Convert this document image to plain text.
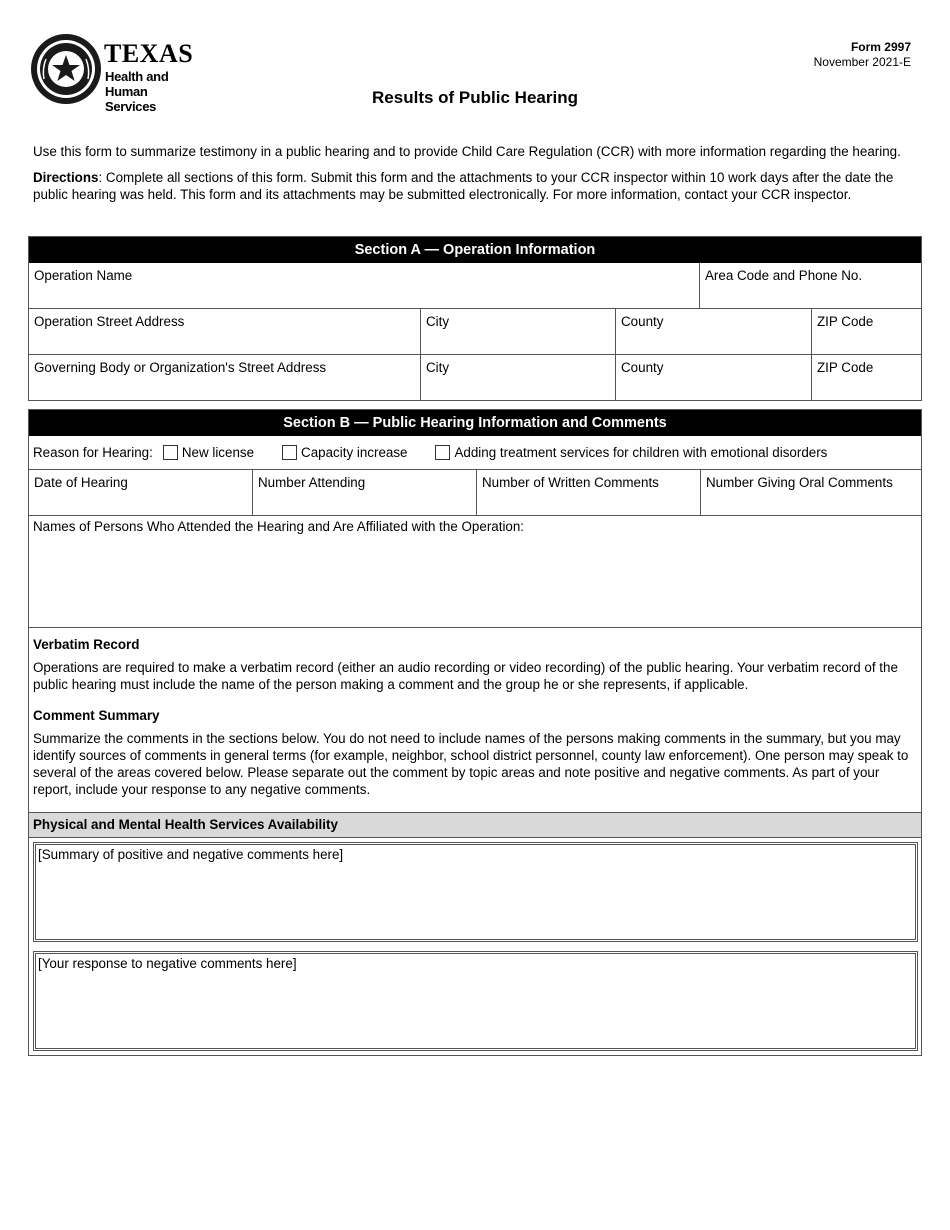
TEXAS
Health and Human
Services
Form 2997
November 2021-E
Results of Public Hearing

Use this form to summarize testimony in a public hearing and to provide Child Care Regulation (CCR) with more information regarding the hearing.

Directions: Complete all sections of this form. Submit this form and the attachments to your CCR inspector within 10 work days after the date the public hearing was held. This form and its attachments may be submitted electronically. For more information, contact your CCR inspector.

Section A — Operation Information
Operation Name	Area Code and Phone No.
Operation Street Address	City	County	ZIP Code
Governing Body or Organization's Street Address	City	County	ZIP Code
Section B — Public Hearing Information and Comments
Reason for Hearing: New license	Capacity increase	Adding treatment services for children with emotional disorders
Date of Hearing	Number Attending	Number of Written Comments	Number Giving Oral Comments
Names of Persons Who Attended the Hearing and Are Affiliated with the Operation:
Verbatim Record

Operations are required to make a verbatim record (either an audio recording or video recording) of the public hearing. Your verbatim record of the public hearing must include the name of the person making a comment and the group he or she represents, if applicable.

Comment Summary

Summarize the comments in the sections below. You do not need to include names of the persons making comments in the summary, but you may identify sources of comments in general terms (for example, neighbor, school district personnel, county law enforcement). One person may speak to several of the areas covered below. Please separate out the comment by topic areas and note positive and negative comments. As part of your report, include your response to any negative comments.

Physical and Mental Health Services Availability
[Summary of positive and negative comments here]
[Your response to negative comments here]
